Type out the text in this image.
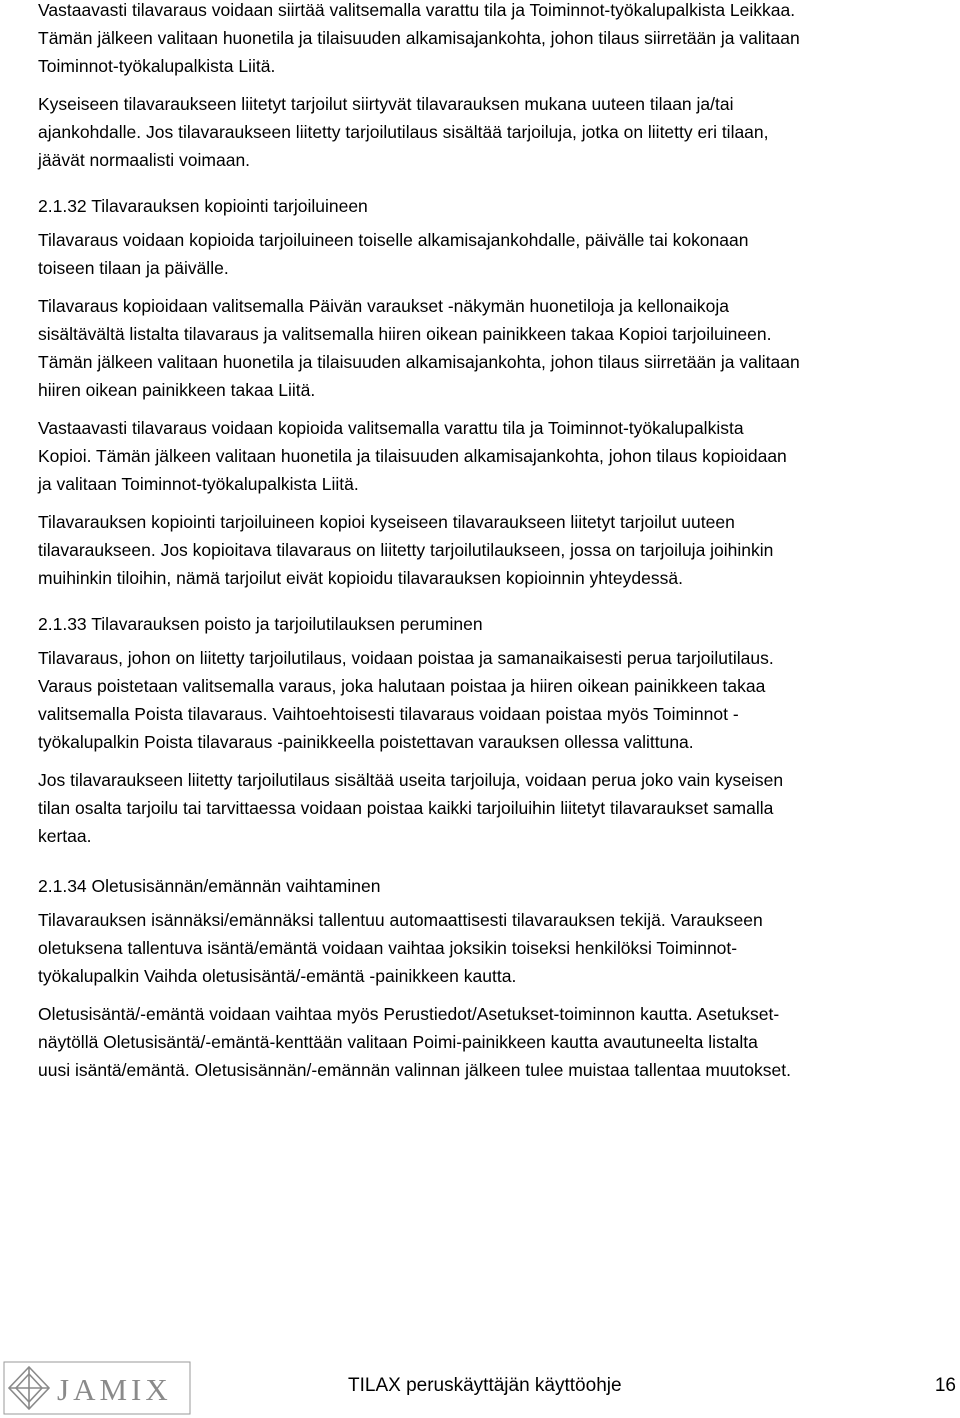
Vastaavasti tilavaraus voidaan siirtää valitsemalla varattu tila ja Toiminnot-työkalupalkista Leikkaa.
Tämän jälkeen valitaan huonetila ja tilaisuuden alkamisajankohta, johon tilaus siirretään ja valitaan
Toiminnot-työkalupalkista Liitä.

Kyseiseen tilavaraukseen liitetyt tarjoilut siirtyvät tilavarauksen mukana uuteen tilaan ja/tai
ajankohdalle. Jos tilavaraukseen liitetty tarjoilutilaus sisältää tarjoiluja, jotka on liitetty eri tilaan,
jäävät normaalisti voimaan.

2.1.32 Tilavarauksen kopiointi tarjoiluineen

Tilavaraus voidaan kopioida tarjoiluineen toiselle alkamisajankohdalle, päivälle tai kokonaan
toiseen tilaan ja päivälle.

Tilavaraus kopioidaan valitsemalla Päivän varaukset -näkymän huonetiloja ja kellonaikoja
sisältävältä listalta tilavaraus ja valitsemalla hiiren oikean painikkeen takaa Kopioi tarjoiluineen.
Tämän jälkeen valitaan huonetila ja tilaisuuden alkamisajankohta, johon tilaus siirretään ja valitaan
hiiren oikean painikkeen takaa Liitä.

Vastaavasti tilavaraus voidaan kopioida valitsemalla varattu tila ja Toiminnot-työkalupalkista
Kopioi. Tämän jälkeen valitaan huonetila ja tilaisuuden alkamisajankohta, johon tilaus kopioidaan
ja valitaan Toiminnot-työkalupalkista Liitä.

Tilavarauksen kopiointi tarjoiluineen kopioi kyseiseen tilavaraukseen liitetyt tarjoilut uuteen
tilavaraukseen. Jos kopioitava tilavaraus on liitetty tarjoilutilaukseen, jossa on tarjoiluja joihinkin
muihinkin tiloihin, nämä tarjoilut eivät kopioidu tilavarauksen kopioinnin yhteydessä.

2.1.33 Tilavarauksen poisto ja tarjoilutilauksen peruminen

Tilavaraus, johon on liitetty tarjoilutilaus, voidaan poistaa ja samanaikaisesti perua tarjoilutilaus.
Varaus poistetaan valitsemalla varaus, joka halutaan poistaa ja hiiren oikean painikkeen takaa
valitsemalla Poista tilavaraus. Vaihtoehtoisesti tilavaraus voidaan poistaa myös Toiminnot -
työkalupalkin Poista tilavaraus -painikkeella poistettavan varauksen ollessa valittuna.

Jos tilavaraukseen liitetty tarjoilutilaus sisältää useita tarjoiluja, voidaan perua joko vain kyseisen
tilan osalta tarjoilu tai tarvittaessa voidaan poistaa kaikki tarjoiluihin liitetyt tilavaraukset samalla
kertaa.

2.1.34 Oletusisännän/emännän vaihtaminen

Tilavarauksen isännäksi/emännäksi tallentuu automaattisesti tilavarauksen tekijä. Varaukseen
oletuksena tallentuva isäntä/emäntä voidaan vaihtaa joksikin toiseksi henkilöksi Toiminnot-
työkalupalkin Vaihda oletusisäntä/-emäntä -painikkeen kautta.

Oletusisäntä/-emäntä voidaan vaihtaa myös Perustiedot/Asetukset-toiminnon kautta. Asetukset-
näytöllä Oletusisäntä/-emäntä-kenttään valitaan Poimi-painikkeen kautta avautuneelta listalta
uusi isäntä/emäntä. Oletusisännän/-emännän valinnan jälkeen tulee muistaa tallentaa muutokset.

JAMIX	TILAX peruskäyttäjän käyttöohje	16
